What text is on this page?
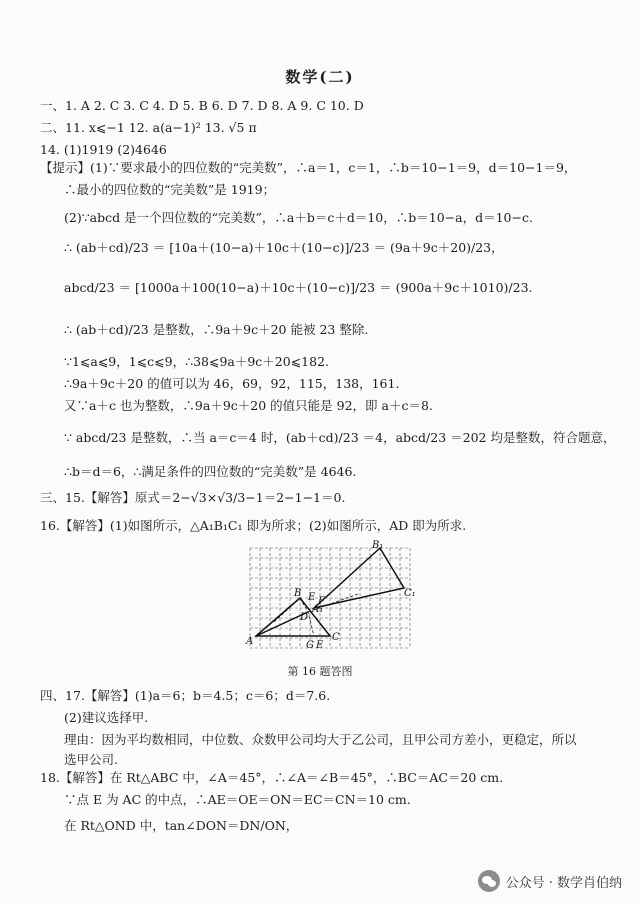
数学(二)
一、1. A 2. C 3. C 4. D 5. B 6. D 7. D 8. A 9. C 10. D
二、11. x⩽−1 12. a(a−1)² 13. √5 π
14. (1)1919 (2)4646
【提示】(1)∵要求最小的四位数的“完美数”，∴a＝1，c＝1，∴b＝10−1＝9，d＝10−1＝9，
∴最小的四位数的“完美数”是 1919；
(2)∵abcd 是一个四位数的“完美数”，∴a＋b＝c＋d＝10，∴b＝10−a，d＝10−c.
∴ (ab＋cd)/23 ＝ [10a＋(10−a)＋10c＋(10−c)]/23 ＝ (9a＋9c＋20)/23，
abcd/23 ＝ [1000a＋100(10−a)＋10c＋(10−c)]/23 ＝ (900a＋9c＋1010)/23.
∴ (ab＋cd)/23 是整数，∴9a＋9c＋20 能被 23 整除.
∵1⩽a⩽9，1⩽c⩽9，∴38⩽9a＋9c＋20⩽182.
∴9a＋9c＋20 的值可以为 46，69，92，115，138，161.
又∵a＋c 也为整数，∴9a＋9c＋20 的值只能是 92，即 a＋c＝8.
∵ abcd/23 是整数，∴当 a＝c＝4 时，(ab＋cd)/23 ＝4，abcd/23 ＝202 均是整数，符合题意，
∴b＝d＝6，∴满足条件的四位数的“完美数”是 4646.
三、15.【解答】原式＝2−√3×√3/3−1＝2−1−1＝0.
16.【解答】(1)如图所示，△A₁B₁C₁ 即为所求；(2)如图所示，AD 即为所求.
A
B
C
D
F
G E
A₁
B₁
C₁
E
第 16 题答图
四、17.【解答】(1)a＝6；b＝4.5；c＝6；d＝7.6.
(2)建议选择甲.
理由：因为平均数相同，中位数、众数甲公司均大于乙公司，且甲公司方差小，更稳定，所以
选甲公司.
18.【解答】在 Rt△ABC 中，∠A＝45°，∴∠A＝∠B＝45°，∴BC＝AC＝20 cm.
∵点 E 为 AC 的中点，∴AE＝OE＝ON＝EC＝CN＝10 cm.
在 Rt△OND 中，tan∠DON＝DN/ON，
公众号 · 数学肖伯纳
